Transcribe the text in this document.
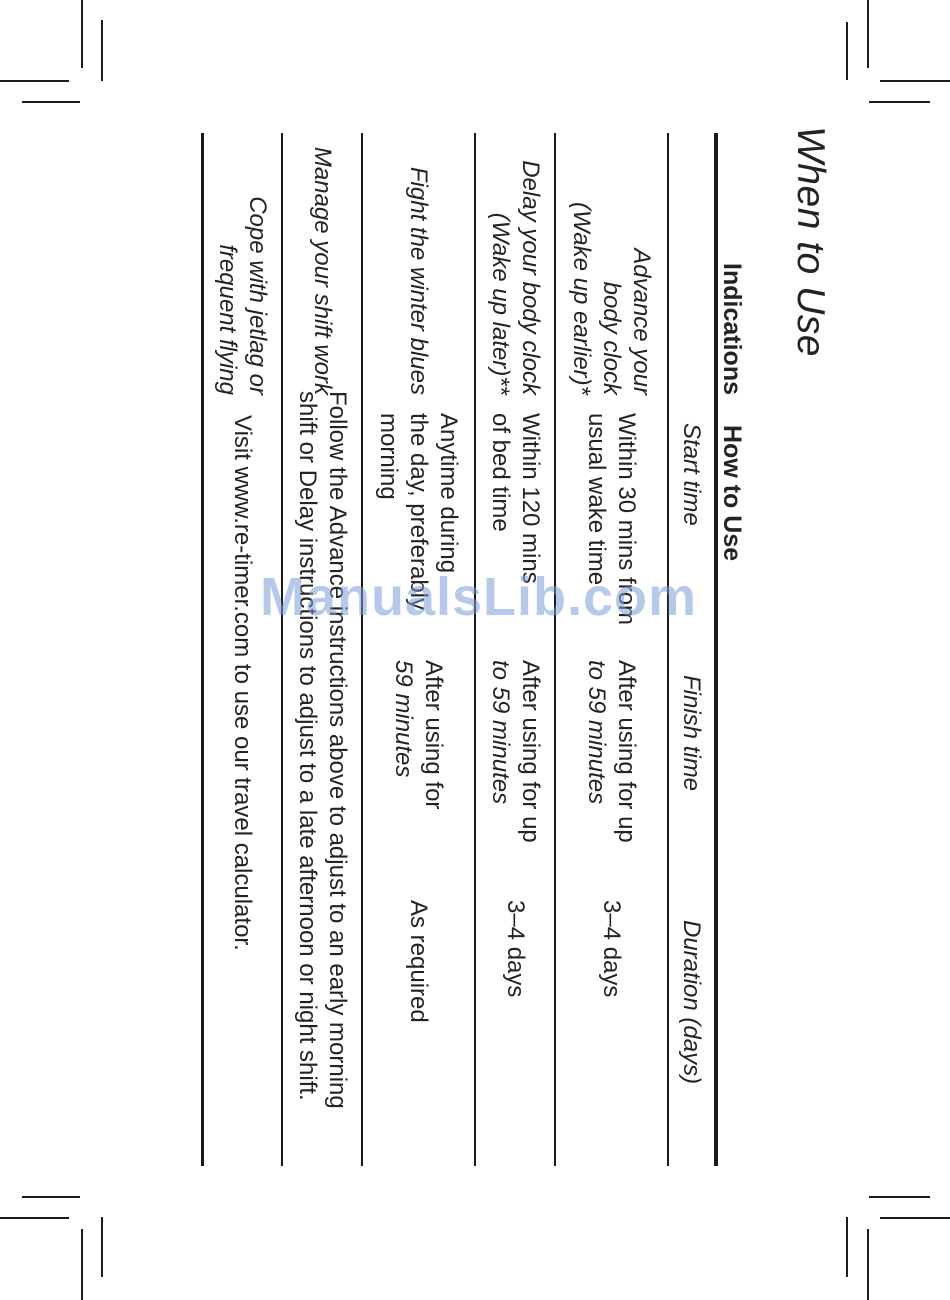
When to Use
Indications
How to Use
Start time
Finish time
Duration (days)
Advance your
body clock
(Wake up earlier)*
Within 30 mins from
usual wake time
After using for up
to 59 minutes
3–4 days
Delay your body clock
(Wake up later)**
Within 120 mins
of bed time
After using for up
to 59 minutes
3–4 days
Fight the winter blues
Anytime during
the day, preferably
morning
After using for
59 minutes
As required
Manage your shift work
Follow the Advance instructions above to adjust to an early morning
shift or Delay instructions to adjust to a late afternoon or night shift.
Cope with jetlag or
frequent flying
Visit www.re-timer.com to use our travel calculator. ManualsLib.com
